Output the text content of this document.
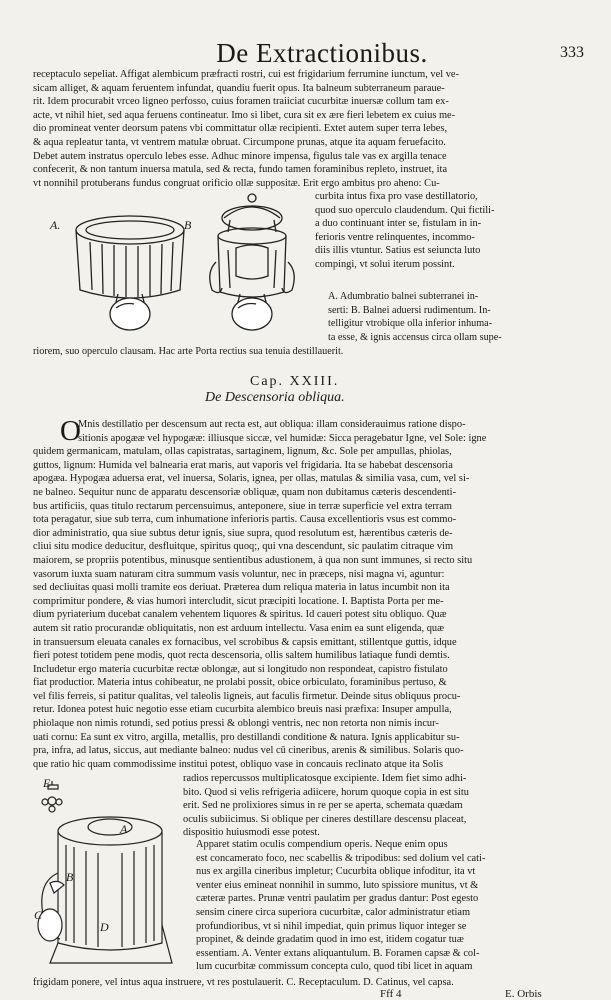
De Extractionibus.	333
receptaculo sepeliat. Affigat alembicum præfracti rostri, cui est frigidarium ferrumine iunctum, vel ve-
sicam alliget, & aquam feruentem infundat, quandiu fuerit opus. Ita balneum subterraneum paraue-
rit. Idem procurabit vrceo ligneo perfosso, cuius foramen traiiciat cucurbitæ inuersæ collum tam ex-
acte, vt nihil hiet, sed aqua feruens contineatur. Imo si libet, cura sit ex ære fieri lebetem ex cuius me-
dio promineat venter deorsum patens vbi committatur ollæ recipienti. Extet autem super terra lebes,
& aqua repleatur tanta, vt ventrem matulæ obruat. Circumpone prunas, atque ita aquam feruefacito.
Debet autem instratus operculo lebes esse. Adhuc minore impensa, figulus tale vas ex argilla tenace
confecerit, & non tantum inuersa matula, sed & recta, fundo tamen foraminibus repleto, instruet, ita
vt nonnihil protuberans fundus congruat orificio ollæ suppositæ. Erit ergo ambitus pro aheno: Cu-
A.	B
curbita intus fixa pro vase destillatorio,
quod suo operculo claudendum. Qui fictili-
a duo continuant inter se, fistulam in in-
ferioris ventre relinquentes, incommo-
diis illis vtuntur. Satius est seiuncta luto
compingi, vt solui iterum possint.
A. Adumbratio balnei subterranei in-
serti: B. Balnei aduersi rudimentum. In-
telligitur vtrobique olla inferior inhuma-
ta esse, & ignis accensus circa ollam supe-
riorem, suo operculo clausam. Hac arte Porta rectius sua tenuia destillauerit.
Cap. XXIII.
De Descensoria obliqua.
O
Mnis destillatio per descensum aut recta est, aut obliqua: illam considerauimus ratione dispo-
sitionis apogææ vel hypogææ: illiusque siccæ, vel humidæ: Sicca peragebatur Igne, vel Sole: igne
quidem germanicam, matulam, ollas capistratas, sartaginem, lignum, &c. Sole per ampullas, phiolas,
guttos, lignum: Humida vel balnearia erat maris, aut vaporis vel frigidaria. Ita se habebat descensoria
apogæa. Hypogæa aduersa erat, vel inuersa, Solaris, ignea, per ollas, matulas & similia vasa, cum, vel si-
ne balneo. Sequitur nunc de apparatu descensoriæ obliquæ, quam non dubitamus cæteris descendenti-
bus artificiis, quas titulo rectarum percensuimus, anteponere, siue in terræ superficie vel extra terram
tota peragatur, siue sub terra, cum inhumatione inferioris partis. Causa excellentioris vsus est commo-
dior administratio, qua siue subtus detur ignis, siue supra, quod resolutum est, hærentibus cæteris de-
cliui situ modice deducitur, desfluitque, spiritus quoq;, qui vna descendunt, sic paulatim citraque vim
maiorem, se propriis potentibus, minusque sentientibus adustionem, à qua non sunt immunes, si recto situ
vasorum iuxta suam naturam citra summum vasis voluntur, nec in præceps, nisi magna vi, aguntur:
sed decliuitas quasi molli tramite eos deriuat. Præterea dum reliqua materia in latus incumbit non ita
comprimitur pondere, & vias humori intercludit, sicut præcipiti locatione. I. Baptista Porta per me-
dium pyriaterium ducebat canalem vehentem liquores & spiritus. Id caueri potest situ obliquo. Quæ
autem sit ratio procurandæ obliquitatis, non est arduum intellectu. Vasa enim ea sunt eligenda, quæ
in transuersum eleuata canales ex fornacibus, vel scrobibus & capsis emittant, stillentque guttis, idque
fieri potest totidem pene modis, quot recta descensoria, ollis saltem humilibus latiaque fundi demtis.
Includetur ergo materia cucurbitæ rectæ oblongæ, aut si longitudo non respondeat, capistro fistulato
fiat productior. Materia intus cohibeatur, ne prolabi possit, obice orbiculato, foraminibus pertuso, &
vel filis ferreis, si patitur qualitas, vel taleolis ligneis, aut faculis firmetur. Deinde situs obliquus procu-
retur. Idonea potest huic negotio esse etiam cucurbita alembico breuis nasi præfixa: Insuper ampulla,
phiolaque non nimis rotundi, sed potius pressi & oblongi ventris, nec non retorta non nimis incur-
uati cornu: Ea sunt ex vitro, argilla, metallis, pro destillandi conditione & natura. Ignis applicabitur su-
pra, infra, ad latus, siccus, aut mediante balneo: nudus vel cū cineribus, arenis & similibus. Solaris quo-
que ratio hic quam commodissime institui potest, obliquo vase in concauis reclinato atque ita Solis
radios repercussos multiplicatosque excipiente. Idem fiet simo adhi-
bito. Quod si velis refrigeria adiicere, horum quoque copia in est situ
erit. Sed ne prolixiores simus in re per se aperta, schemata quædam
oculis subiicimus. Si oblique per cineres destillare descensu placeat,
dispositio huiusmodi esse potest.
E
A
B
C
D
Apparet statim oculis compendium operis. Neque enim opus
est concamerato foco, nec scabellis & tripodibus: sed dolium vel cati-
nus ex argilla cineribus impletur; Cucurbita oblique infoditur, ita vt
venter eius emineat nonnihil in summo, luto spissiore munitus, vt &
cæteræ partes. Prunæ ventri paulatim per gradus dantur: Post egesto
sensim cinere circa superiora cucurbitæ, calor administratur etiam
profundioribus, vt si nihil impediat, quin primus liquor integer se
propinet, & deinde gradatim quod in imo est, itidem cogatur tuæ
essentiam. A. Venter extans aliquantulum. B. Foramen capsæ & col-
lum cucurbitæ commissum concepta culo, quod tibi licet in aquam
frigidam ponere, vel intus aqua instruere, vt res postulauerit. C. Receptaculum. D. Catinus, vel capsa.
Fff 4	E. Orbis
